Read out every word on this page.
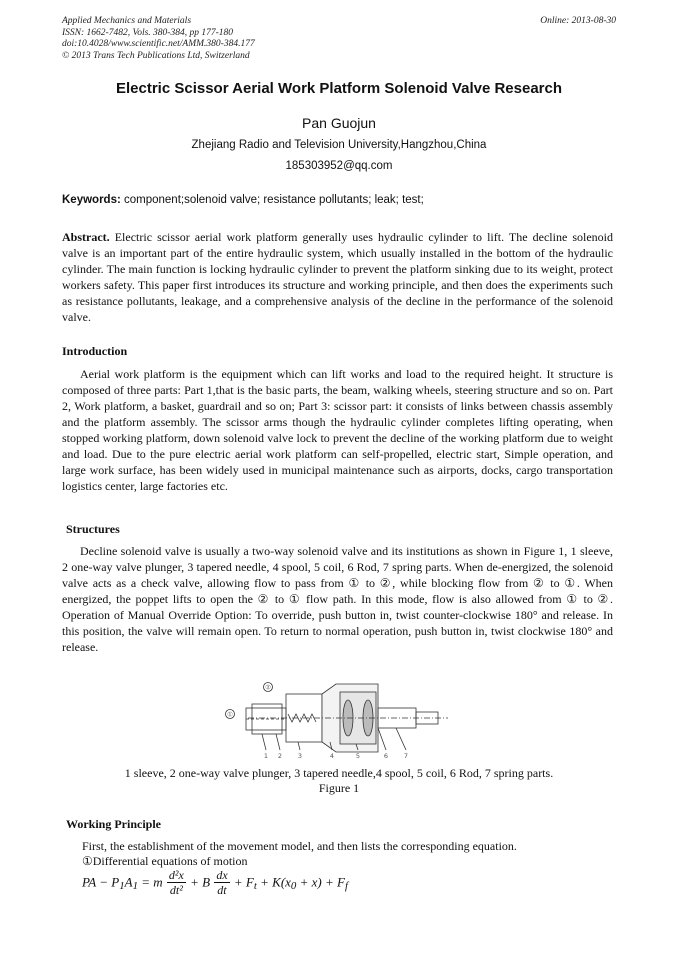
Applied Mechanics and Materials
ISSN: 1662-7482, Vols. 380-384, pp 177-180
doi:10.4028/www.scientific.net/AMM.380-384.177
© 2013 Trans Tech Publications Ltd, Switzerland
Online: 2013-08-30
Electric Scissor Aerial Work Platform Solenoid Valve Research
Pan Guojun
Zhejiang Radio and Television University,Hangzhou,China
185303952@qq.com
Keywords: component;solenoid valve; resistance pollutants; leak; test;
Abstract. Electric scissor aerial work platform generally uses hydraulic cylinder to lift. The decline solenoid valve is an important part of the entire hydraulic system, which usually installed in the bottom of the hydraulic cylinder. The main function is locking hydraulic cylinder to prevent the platform sinking due to its weight, protect workers safety. This paper first introduces its structure and working principle, and then does the experiments such as resistance pollutants, leakage, and a comprehensive analysis of the decline in the performance of the solenoid valve.
Introduction
Aerial work platform is the equipment which can lift works and load to the required height. It structure is composed of three parts: Part 1,that is the basic parts, the beam, walking wheels, steering structure and so on. Part 2, Work platform, a basket, guardrail and so on; Part 3: scissor part: it consists of links between chassis assembly and the platform assembly. The scissor arms though the hydraulic cylinder completes lifting operating, when stopped working platform, down solenoid valve lock to prevent the decline of the working platform due to weight and load. Due to the pure electric aerial work platform can self-propelled, electric start, Simple operation, and large work surface, has been widely used in municipal maintenance such as airports, docks, cargo transportation logistics center, large factories etc.
Structures
Decline solenoid valve is usually a two-way solenoid valve and its institutions as shown in Figure 1, 1 sleeve, 2 one-way valve plunger, 3 tapered needle, 4 spool, 5 coil, 6 Rod, 7 spring parts. When de-energized, the solenoid valve acts as a check valve, allowing flow to pass from ① to ②, while blocking flow from ② to ①. When energized, the poppet lifts to open the ② to ① flow path. In this mode, flow is also allowed from ① to ②. Operation of Manual Override Option: To override, push button in, twist counter-clockwise 180° and release. In this position, the valve will remain open. To return to normal operation, push button in, twist clockwise 180° and release.
①
②
1 2 3	4	5	6 7
1 sleeve, 2 one-way valve plunger, 3 tapered needle,4 spool, 5 coil, 6 Rod, 7 spring parts.
Figure 1
Working Principle
First, the establishment of the movement model, and then lists the corresponding equation.
①Differential equations of motion
PA − $P_1A_1 = m \frac{\text{d²x}}{\text{dt²}} + B \frac{dx}{dt} + F_t + K(x_0 + x) + F_f$
